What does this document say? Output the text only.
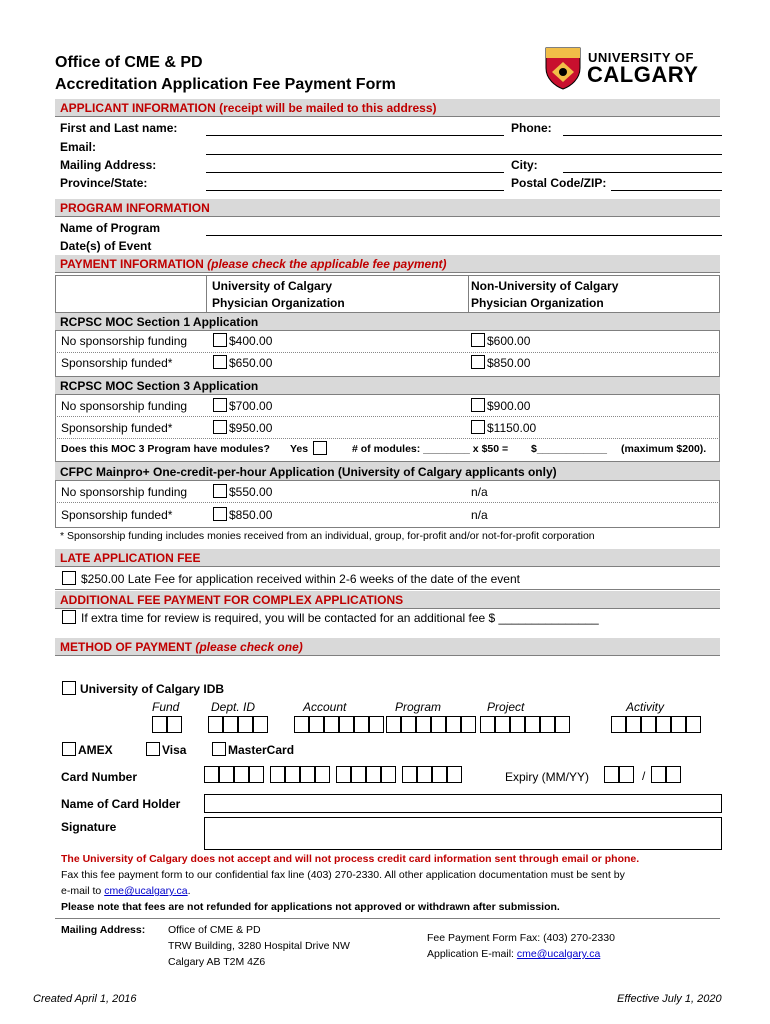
Office of CME & PD
Accreditation Application Fee Payment Form
UNIVERSITY OF
CALGARY
APPLICANT INFORMATION (receipt will be mailed to this address)
First and Last name:	Phone:
Email:
Mailing Address:	City:
Province/State:	Postal Code/ZIP:
PROGRAM INFORMATION
Name of Program
Date(s) of Event
PAYMENT INFORMATION (please check the applicable fee payment)
University of Calgary
Physician Organization
Non-University of Calgary
Physician Organization
RCPSC MOC Section 1 Application
No sponsorship funding	$400.00	$600.00
Sponsorship funded*	$650.00	$850.00
RCPSC MOC Section 3 Application
No sponsorship funding	$700.00	$900.00
Sponsorship funded*	$950.00	$1150.00
Does this MOC 3 Program have modules? Yes	# of modules: ________ x $50 = $____________ (maximum $200).
CFPC Mainpro+ One-credit-per-hour Application (University of Calgary applicants only)
No sponsorship funding	$550.00	n/a
Sponsorship funded*	$850.00	n/a
* Sponsorship funding includes monies received from an individual, group, for-profit and/or not-for-profit corporation
LATE APPLICATION FEE
$250.00 Late Fee for application received within 2-6 weeks of the date of the event
ADDITIONAL FEE PAYMENT FOR COMPLEX APPLICATIONS
If extra time for review is required, you will be contacted for an additional fee $ _______________
METHOD OF PAYMENT (please check one)
University of Calgary IDB
Fund	Dept. ID	Account	Program	Project	Activity
AMEX	Visa	MasterCard
Card Number	Expiry (MM/YY)	/
Name of Card Holder
Signature
The University of Calgary does not accept and will not process credit card information sent through email or phone.
Fax this fee payment form to our confidential fax line (403) 270-2330. All other application documentation must be sent by
e-mail to cme@ucalgary.ca.
Please note that fees are not refunded for applications not approved or withdrawn after submission.
Mailing Address: Office of CME & PD
TRW Building, 3280 Hospital Drive NW
Calgary AB T2M 4Z6
Fee Payment Form Fax: (403) 270-2330
Application E-mail: cme@ucalgary.ca
Created April 1, 2016	Effective July 1, 2020
